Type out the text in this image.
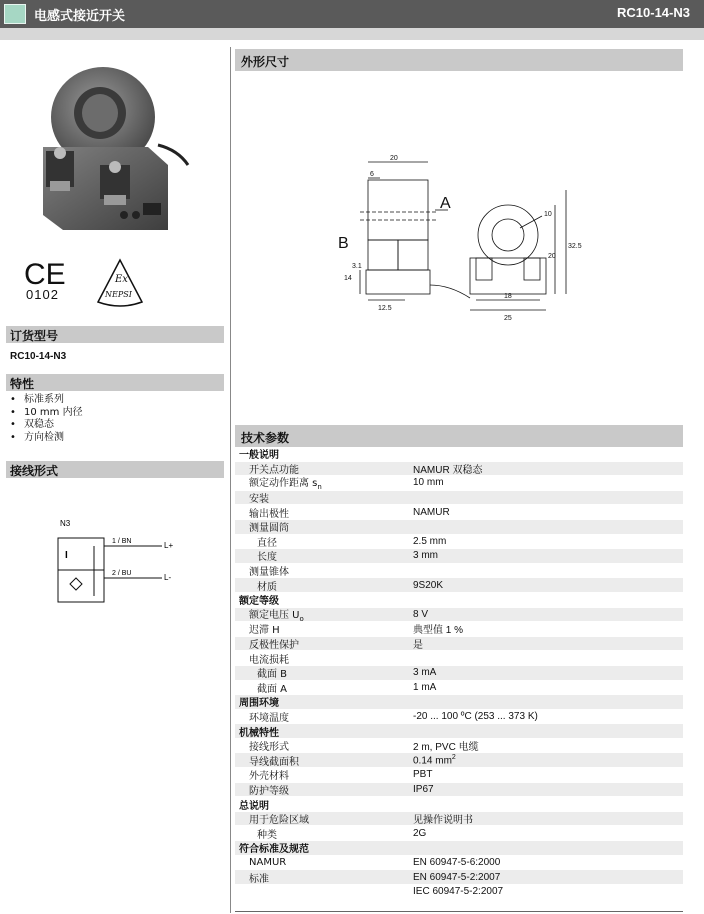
电感式接近开关	RC10-14-N3
CE	Ex
NEPSI
0102
订货型号
RC10-14-N3
特性
• 标准系列
• 10 mm 内径
• 双稳态
• 方向检测
接线形式
N3
I
1 / BN
2 / BU
L+
L-
外形尺寸
20
6
14
3.1
12.5
A
B
10
20
32.5
18
25
技术参数
一般说明
开关点功能	NAMUR 双稳态
额定动作距离 $s_n$	10 mm
安装
输出极性	NAMUR
测量圆筒
直径	2.5 mm
长度	3 mm
测量锥体
材质	9S20K
额定等级
额定电压 $U_o$	8 V
迟滞 H	典型值 1 %
反极性保护	是
电流损耗
截面 B	3 mA
截面 A	1 mA
周围环境
环境温度	-20 ... 100 ºC (253 ... 373 K)
机械特性
接线形式	2 m, PVC 电缆
导线截面积	0.14 $mm^2$
外壳材料	PBT
防护等级	IP67
总说明
用于危险区域	见操作说明书
种类	2G
符合标准及规范
NAMUR	EN 60947-5-6:2000
标准	EN 60947-5-2:2007
IEC 60947-5-2:2007
